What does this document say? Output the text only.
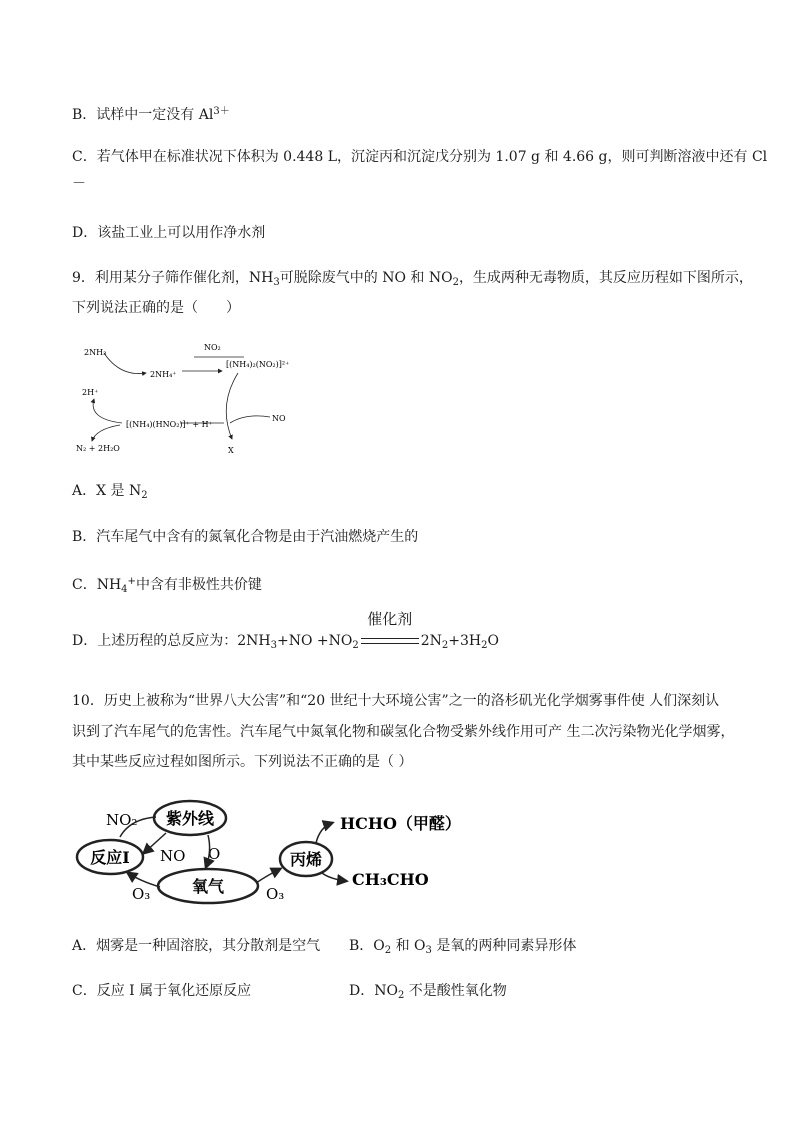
B．试样中一定没有 $Al^{3+}$
C．若气体甲在标准状况下体积为 0.448 L，沉淀丙和沉淀戊分别为 1.07 g 和 4.66 g，则可判断溶液中还有 Cl
－
D．该盐工业上可以用作净水剂
9．利用某分子筛作催化剂，$NH_3$可脱除废气中的 NO 和 $NO_2$，生成两种无毒物质，其反应历程如下图所示，
下列说法正确的是（　　）
2NH₃
2NH₄⁺
NO₂
[(NH₄)₂(NO₂)]²⁺
NO
X
2H⁺
[(NH₄)(HNO₂)]⁺ + H⁺
N₂ + 2H₂O
A．X 是 $N_2$
B．汽车尾气中含有的氮氧化合物是由于汽油燃烧产生的
C．$NH_4^+$中含有非极性共价键
D．上述历程的总反应为：$2NH_3+NO +NO_2$
催化剂
$2N_2+3H_2O$
10．历史上被称为“世界八大公害”和“20 世纪十大环境公害”之一的洛杉矶光化学烟雾事件使 人们深刻认
识到了汽车尾气的危害性。汽车尾气中氮氧化物和碳氢化合物受紫外线作用可产 生二次污染物光化学烟雾，
其中某些反应过程如图所示。下列说法不正确的是（ ）
紫外线
反应I
氧气
丙烯
NO₂
NO O
O₃	O₃
HCHO（甲醛）
CH₃CHO
A．烟雾是一种固溶胶，其分散剂是空气 B．$O_2$ 和 $O_3$ 是氧的两种同素异形体
C．反应 I 属于氧化还原反应	D．$NO_2$ 不是酸性氧化物
